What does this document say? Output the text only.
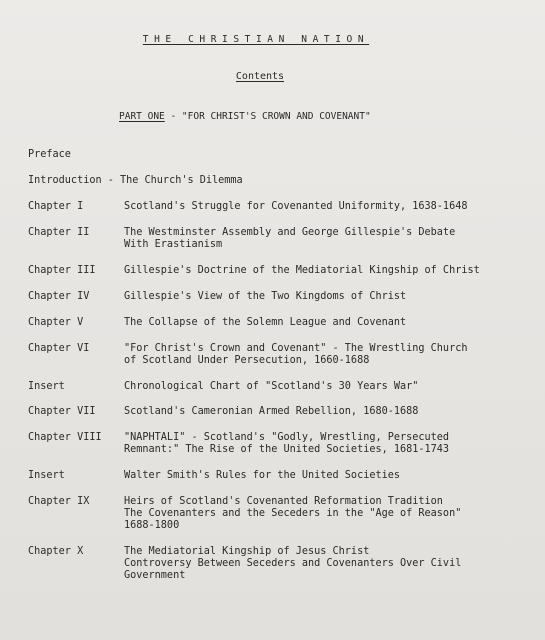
THE CHRISTIAN NATION
Contents
PART ONE - "FOR CHRIST'S CROWN AND COVENANT"
Preface
Introduction - The Church's Dilemma
Chapter I	Scotland's Struggle for Covenanted Uniformity, 1638-1648
Chapter II	The Westminster Assembly and George Gillespie's Debate
With Erastianism
Chapter III	Gillespie's Doctrine of the Mediatorial Kingship of Christ
Chapter IV	Gillespie's View of the Two Kingdoms of Christ
Chapter V	The Collapse of the Solemn League and Covenant
Chapter VI	"For Christ's Crown and Covenant" - The Wrestling Church
of Scotland Under Persecution, 1660-1688
Insert	Chronological Chart of "Scotland's 30 Years War"
Chapter VII	Scotland's Cameronian Armed Rebellion, 1680-1688
Chapter VIII "NAPHTALI" - Scotland's "Godly, Wrestling, Persecuted
Remnant:" The Rise of the United Societies, 1681-1743
Insert	Walter Smith's Rules for the United Societies
Chapter IX	Heirs of Scotland's Covenanted Reformation Tradition
The Covenanters and the Seceders in the "Age of Reason"
1688-1800
Chapter X	The Mediatorial Kingship of Jesus Christ
Controversy Between Seceders and Covenanters Over Civil
Government
